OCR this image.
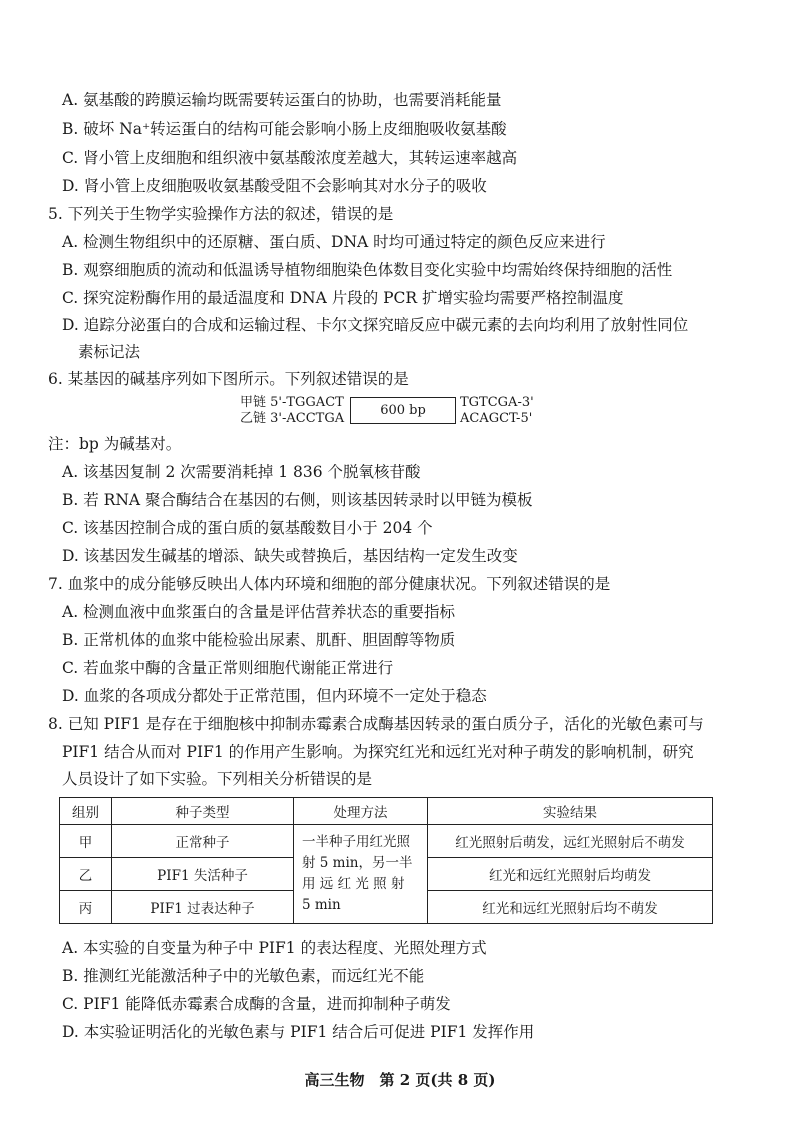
A. 氨基酸的跨膜运输均既需要转运蛋白的协助，也需要消耗能量
B. 破坏 Na⁺转运蛋白的结构可能会影响小肠上皮细胞吸收氨基酸
C. 肾小管上皮细胞和组织液中氨基酸浓度差越大，其转运速率越高
D. 肾小管上皮细胞吸收氨基酸受阻不会影响其对水分子的吸收
5. 下列关于生物学实验操作方法的叙述，错误的是
A. 检测生物组织中的还原糖、蛋白质、DNA 时均可通过特定的颜色反应来进行
B. 观察细胞质的流动和低温诱导植物细胞染色体数目变化实验中均需始终保持细胞的活性
C. 探究淀粉酶作用的最适温度和 DNA 片段的 PCR 扩增实验均需要严格控制温度
D. 追踪分泌蛋白的合成和运输过程、卡尔文探究暗反应中碳元素的去向均利用了放射性同位
素标记法
6. 某基因的碱基序列如下图所示。下列叙述错误的是
甲链 5'-TGGACT
乙链 3'-ACCTGA
600 bp
TGTCGA-3'
ACAGCT-5'
注：bp 为碱基对。
A. 该基因复制 2 次需要消耗掉 1 836 个脱氧核苷酸
B. 若 RNA 聚合酶结合在基因的右侧，则该基因转录时以甲链为模板
C. 该基因控制合成的蛋白质的氨基酸数目小于 204 个
D. 该基因发生碱基的增添、缺失或替换后，基因结构一定发生改变
7. 血浆中的成分能够反映出人体内环境和细胞的部分健康状况。下列叙述错误的是
A. 检测血液中血浆蛋白的含量是评估营养状态的重要指标
B. 正常机体的血浆中能检验出尿素、肌酐、胆固醇等物质
C. 若血浆中酶的含量正常则细胞代谢能正常进行
D. 血浆的各项成分都处于正常范围，但内环境不一定处于稳态
8. 已知 PIF1 是存在于细胞核中抑制赤霉素合成酶基因转录的蛋白质分子，活化的光敏色素可与
PIF1 结合从而对 PIF1 的作用产生影响。为探究红光和远红光对种子萌发的影响机制，研究
人员设计了如下实验。下列相关分析错误的是
组别	种子类型	处理方法	实验结果
甲	正常种子	一半种子用红光照
射 5 min，另一半
用 远 红 光 照 射
5 min	红光照射后萌发，远红光照射后不萌发
乙	PIF1 失活种子		红光和远红光照射后均萌发
丙	PIF1 过表达种子		红光和远红光照射后均不萌发
A. 本实验的自变量为种子中 PIF1 的表达程度、光照处理方式
B. 推测红光能激活种子中的光敏色素，而远红光不能
C. PIF1 能降低赤霉素合成酶的含量，进而抑制种子萌发
D. 本实验证明活化的光敏色素与 PIF1 结合后可促进 PIF1 发挥作用
高三生物　第 2 页(共 8 页)
